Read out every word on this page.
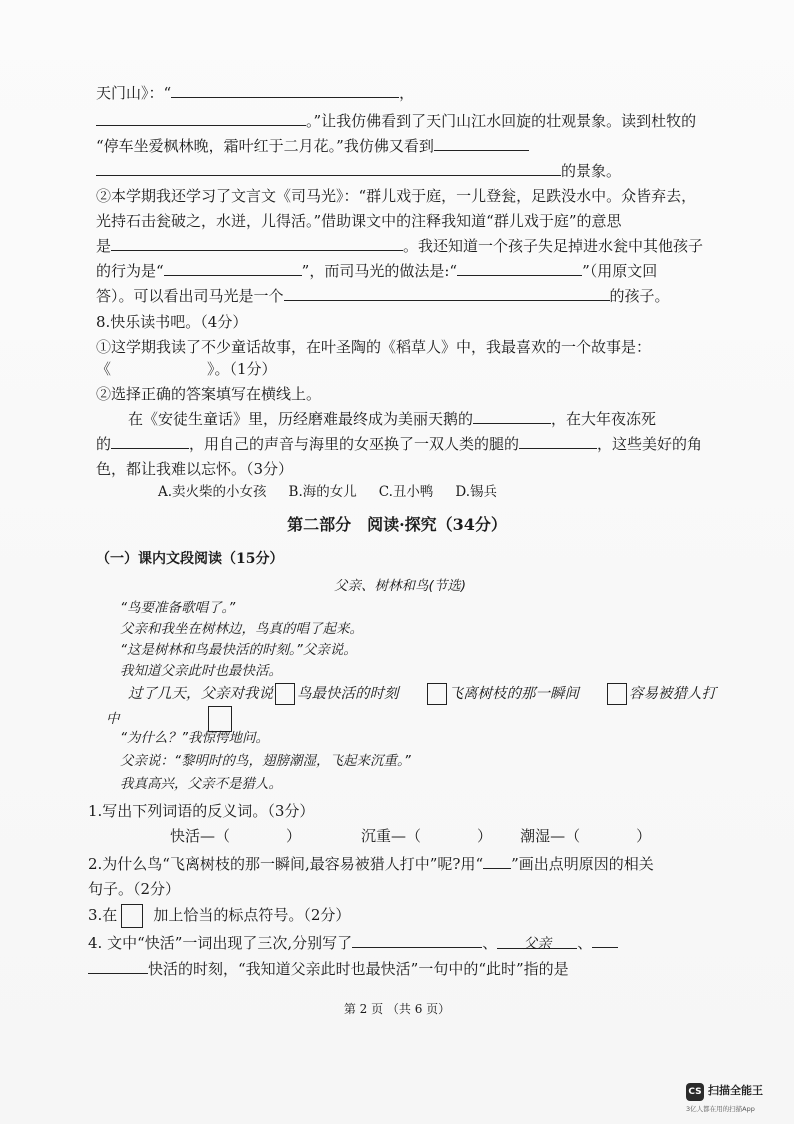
天门山》：“	，
。”让我仿佛看到了天门山江水回旋的壮观景象。读到杜牧的
“停车坐爱枫林晚，霜叶红于二月花。”我仿佛又看到
的景象。
②本学期我还学习了文言文《司马光》：“群儿戏于庭，一儿登瓮，足跌没水中。众皆弃去，
光持石击瓮破之，水迸，儿得活。”借助课文中的注释我知道“群儿戏于庭”的意思
是	。我还知道一个孩子失足掉进水瓮中其他孩子
的行为是“	”，而司马光的做法是:“	”（用原文回
答）。可以看出司马光是一个	的孩子。
8.快乐读书吧。（4分）
①这学期我读了不少童话故事，在叶圣陶的《稻草人》中，我最喜欢的一个故事是：
《	》。（1分）
②选择正确的答案填写在横线上。
在《安徒生童话》里，历经磨难最终成为美丽天鹅的	，在大年夜冻死
的	，用自己的声音与海里的女巫换了一双人类的腿的	，这些美好的角
色，都让我难以忘怀。（3分）
A.卖火柴的小女孩 B.海的女儿 C.丑小鸭 D.锡兵
第二部分　阅读·探究（34分）
（一）课内文段阅读（15分）
父亲、树林和鸟(节选)
“鸟要准备歌唱了。”
父亲和我坐在树林边，鸟真的唱了起来。
“这是树林和鸟最快活的时刻。”父亲说。
我知道父亲此时也最快活。
过了几天，父亲对我说 鸟最快活的时刻	飞离树枝的那一瞬间	容易被猎人打
中
“为什么？”我惊愕地问。
父亲说：“黎明时的鸟，翅膀潮湿，飞起来沉重。”
我真高兴，父亲不是猎人。
1.写出下列词语的反义词。（3分）
快活—（	）	沉重—（	） 潮湿—（	）
2.为什么鸟“飞离树枝的那一瞬间,最容易被猎人打中”呢?用“ ”画出点明原因的相关
句子。（2分）
3.在 加上恰当的标点符号。（2分）
4. 文中“快活”一词出现了三次,分别写了	、 父亲 、
快活的时刻，“我知道父亲此时也最快活”一句中的“此时”指的是
第 2 页 （共 6 页）
CS 扫描全能王
3亿人都在用的扫描App
